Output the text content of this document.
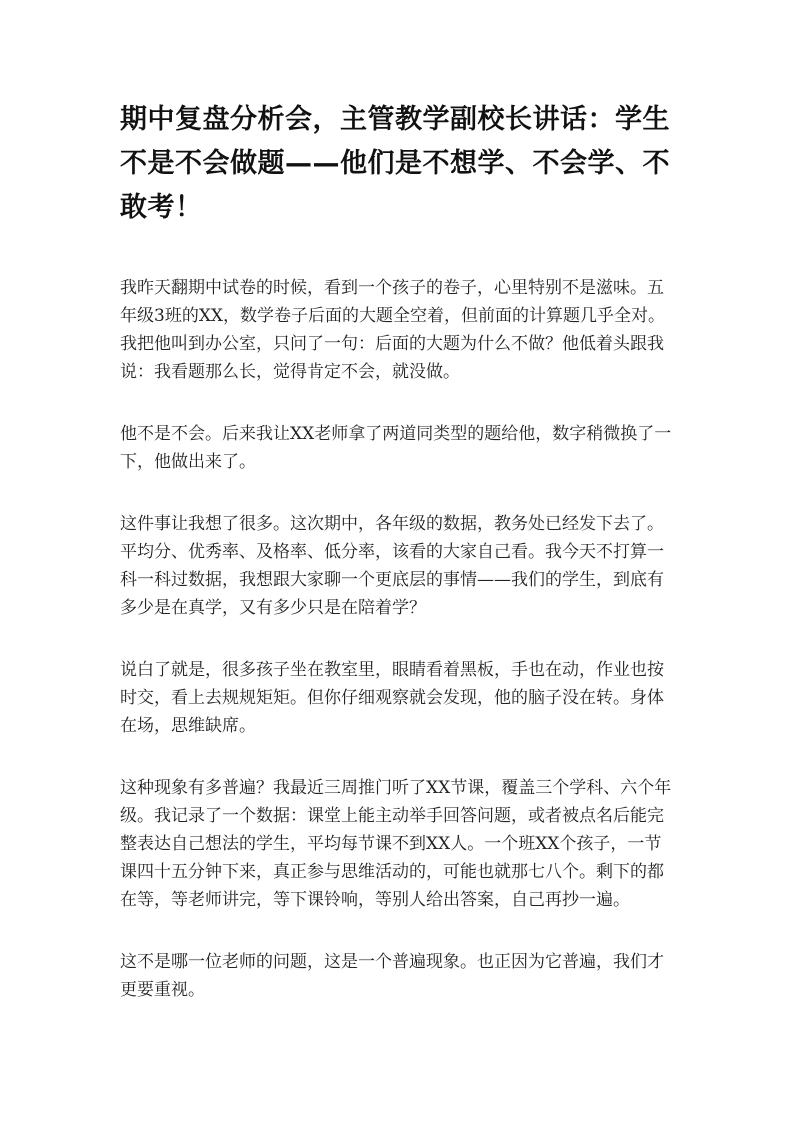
期中复盘分析会，主管教学副校长讲话：学生不是不会做题——他们是不想学、不会学、不敢考！

我昨天翻期中试卷的时候，看到一个孩子的卷子，心里特别不是滋味。五年级3班的XX，数学卷子后面的大题全空着，但前面的计算题几乎全对。我把他叫到办公室，只问了一句：后面的大题为什么不做？他低着头跟我说：我看题那么长，觉得肯定不会，就没做。

他不是不会。后来我让XX老师拿了两道同类型的题给他，数字稍微换了一下，他做出来了。

这件事让我想了很多。这次期中，各年级的数据，教务处已经发下去了。平均分、优秀率、及格率、低分率，该看的大家自己看。我今天不打算一科一科过数据，我想跟大家聊一个更底层的事情——我们的学生，到底有多少是在真学，又有多少只是在陪着学？

说白了就是，很多孩子坐在教室里，眼睛看着黑板，手也在动，作业也按时交，看上去规规矩矩。但你仔细观察就会发现，他的脑子没在转。身体在场，思维缺席。

这种现象有多普遍？我最近三周推门听了XX节课，覆盖三个学科、六个年级。我记录了一个数据：课堂上能主动举手回答问题，或者被点名后能完整表达自己想法的学生，平均每节课不到XX人。一个班XX个孩子，一节课四十五分钟下来，真正参与思维活动的，可能也就那七八个。剩下的都在等，等老师讲完，等下课铃响，等别人给出答案，自己再抄一遍。

这不是哪一位老师的问题，这是一个普遍现象。也正因为它普遍，我们才更要重视。
